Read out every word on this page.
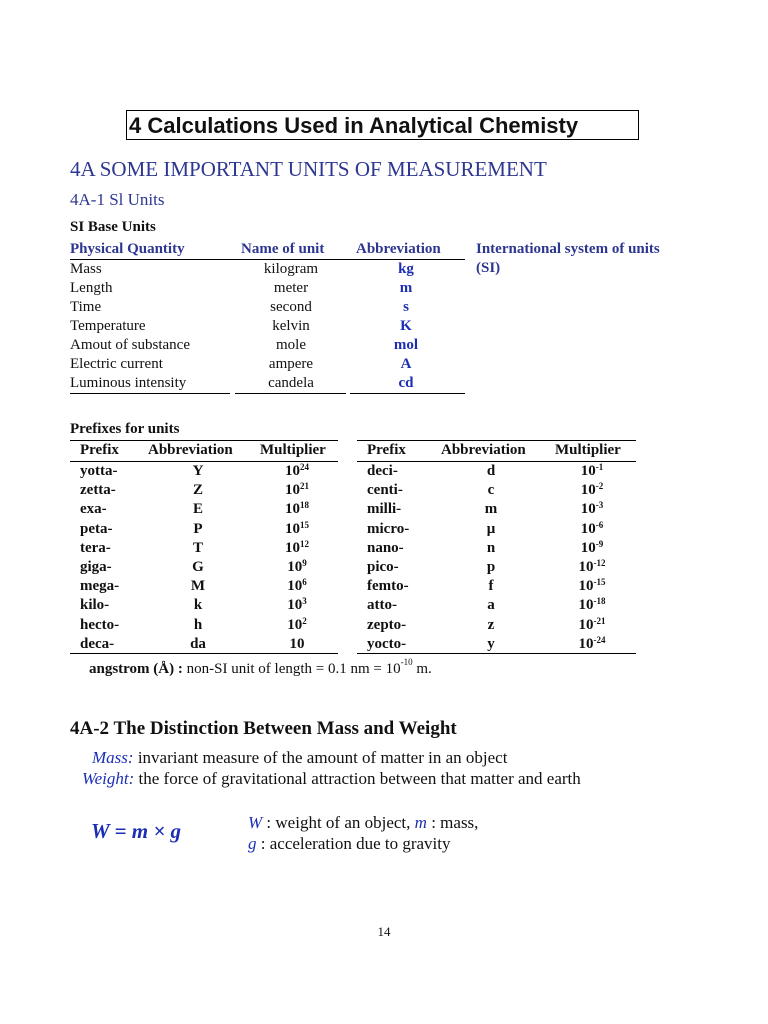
4 Calculations Used in Analytical Chemisty
4A SOME IMPORTANT UNITS OF MEASUREMENT
4A-1 Sl Units
SI Base Units
Physical Quantity	Name of unit Abbreviation
Mass	kilogram	kg
Length	meter	m
Time	second	s
Temperature	kelvin	K
Amout of substance	mole	mol
Electric current	ampere	A
Luminous intensity	candela	cd
International system of units
(SI)
Prefixes for units
Prefix Abbreviation Multiplier	Prefix Abbreviation Multiplier
yotta-	Y	$10^{24}$
zetta-	Z	$10^{21}$
exa-	E	$10^{18}$
peta-	P	$10^{15}$
tera-	T	$10^{12}$
giga-	G	$10^9$
mega-	M	$10^6$
kilo-	k	$10^3$
hecto-	h	$10^2$
deca-	da	10
deci-	d	$10^{-1}$
centi-	c	$10^{-2}$
milli-	m	$10^{-3}$
micro-	μ	$10^{-6}$
nano-	n	$10^{-9}$
pico-	p	$10^{-12}$
femto-	f	$10^{-15}$
atto-	a	$10^{-18}$
zepto-	z	$10^{-21}$
yocto-	y	$10^{-24}$
angstrom (Å) : non-SI unit of length = 0.1 nm = $10^{-10}$ m.
4A-2 The Distinction Between Mass and Weight
Mass: invariant measure of the amount of matter in an object
Weight: the force of gravitational attraction between that matter and earth
W = m × g	W : weight of an object, m : mass,
g : acceleration due to gravity
14
